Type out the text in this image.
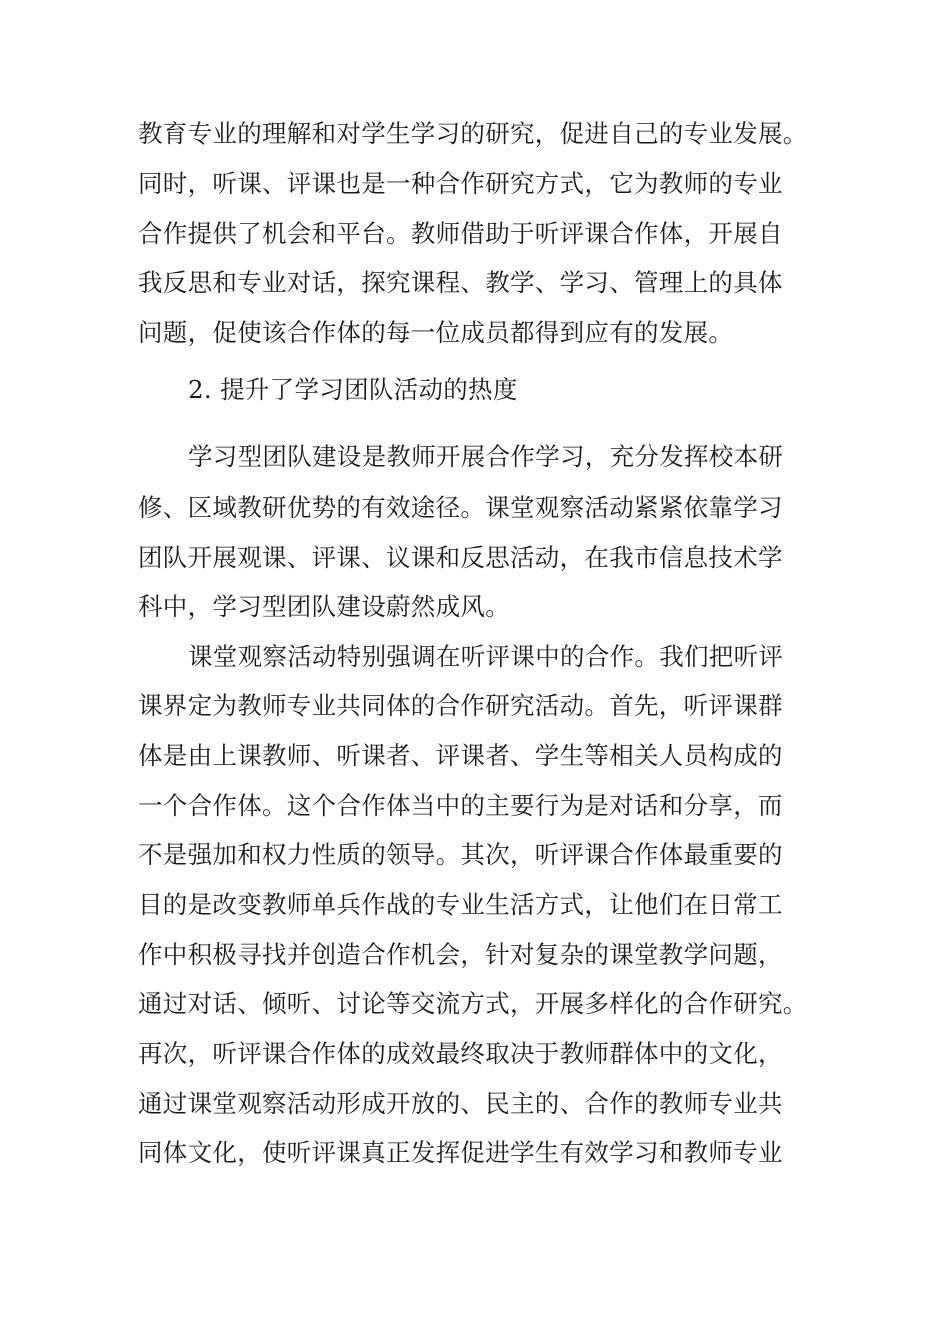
教育专业的理解和对学生学习的研究，促进自己的专业发展。
同时，听课、评课也是一种合作研究方式，它为教师的专业
合作提供了机会和平台。教师借助于听评课合作体，开展自
我反思和专业对话，探究课程、教学、学习、管理上的具体
问题，促使该合作体的每一位成员都得到应有的发展。
2. 提升了学习团队活动的热度
学习型团队建设是教师开展合作学习，充分发挥校本研
修、区域教研优势的有效途径。课堂观察活动紧紧依靠学习
团队开展观课、评课、议课和反思活动，在我市信息技术学
科中，学习型团队建设蔚然成风。
课堂观察活动特别强调在听评课中的合作。我们把听评
课界定为教师专业共同体的合作研究活动。首先，听评课群
体是由上课教师、听课者、评课者、学生等相关人员构成的
一个合作体。这个合作体当中的主要行为是对话和分享，而
不是强加和权力性质的领导。其次，听评课合作体最重要的
目的是改变教师单兵作战的专业生活方式，让他们在日常工
作中积极寻找并创造合作机会，针对复杂的课堂教学问题，
通过对话、倾听、讨论等交流方式，开展多样化的合作研究。
再次，听评课合作体的成效最终取决于教师群体中的文化，
通过课堂观察活动形成开放的、民主的、合作的教师专业共
同体文化，使听评课真正发挥促进学生有效学习和教师专业
